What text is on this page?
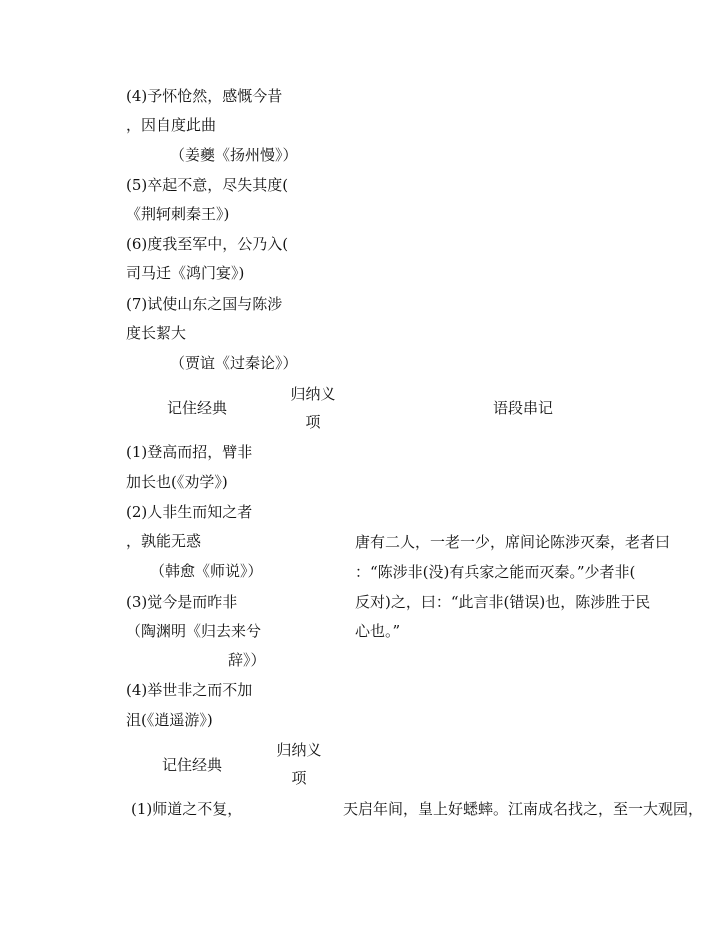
(4)予怀怆然，感慨今昔
，因自度此曲
（姜夔《扬州慢》）
(5)卒起不意，尽失其度(
《荆轲刺秦王》)
(6)度我至军中，公乃入(
司马迁《鸿门宴》)
(7)试使山东之国与陈涉
度长絜大
（贾谊《过秦论》）
记住经典
归纳义
项
语段串记
(1)登高而招，臂非
加长也(《劝学》)
(2)人非生而知之者
，孰能无惑
（韩愈《师说》）
(3)觉今是而昨非
（陶渊明《归去来兮
辞》）
(4)举世非之而不加
沮(《逍遥游》)
唐有二人，一老一少，席间论陈涉灭秦，老者曰
：“陈涉非(没)有兵家之能而灭秦。”少者非(
反对)之，曰：“此言非(错误)也，陈涉胜于民
心也。”
记住经典
归纳义
项
(1)师道之不复，	天启年间，皇上好蟋蟀。江南成名找之，至一大观园，
